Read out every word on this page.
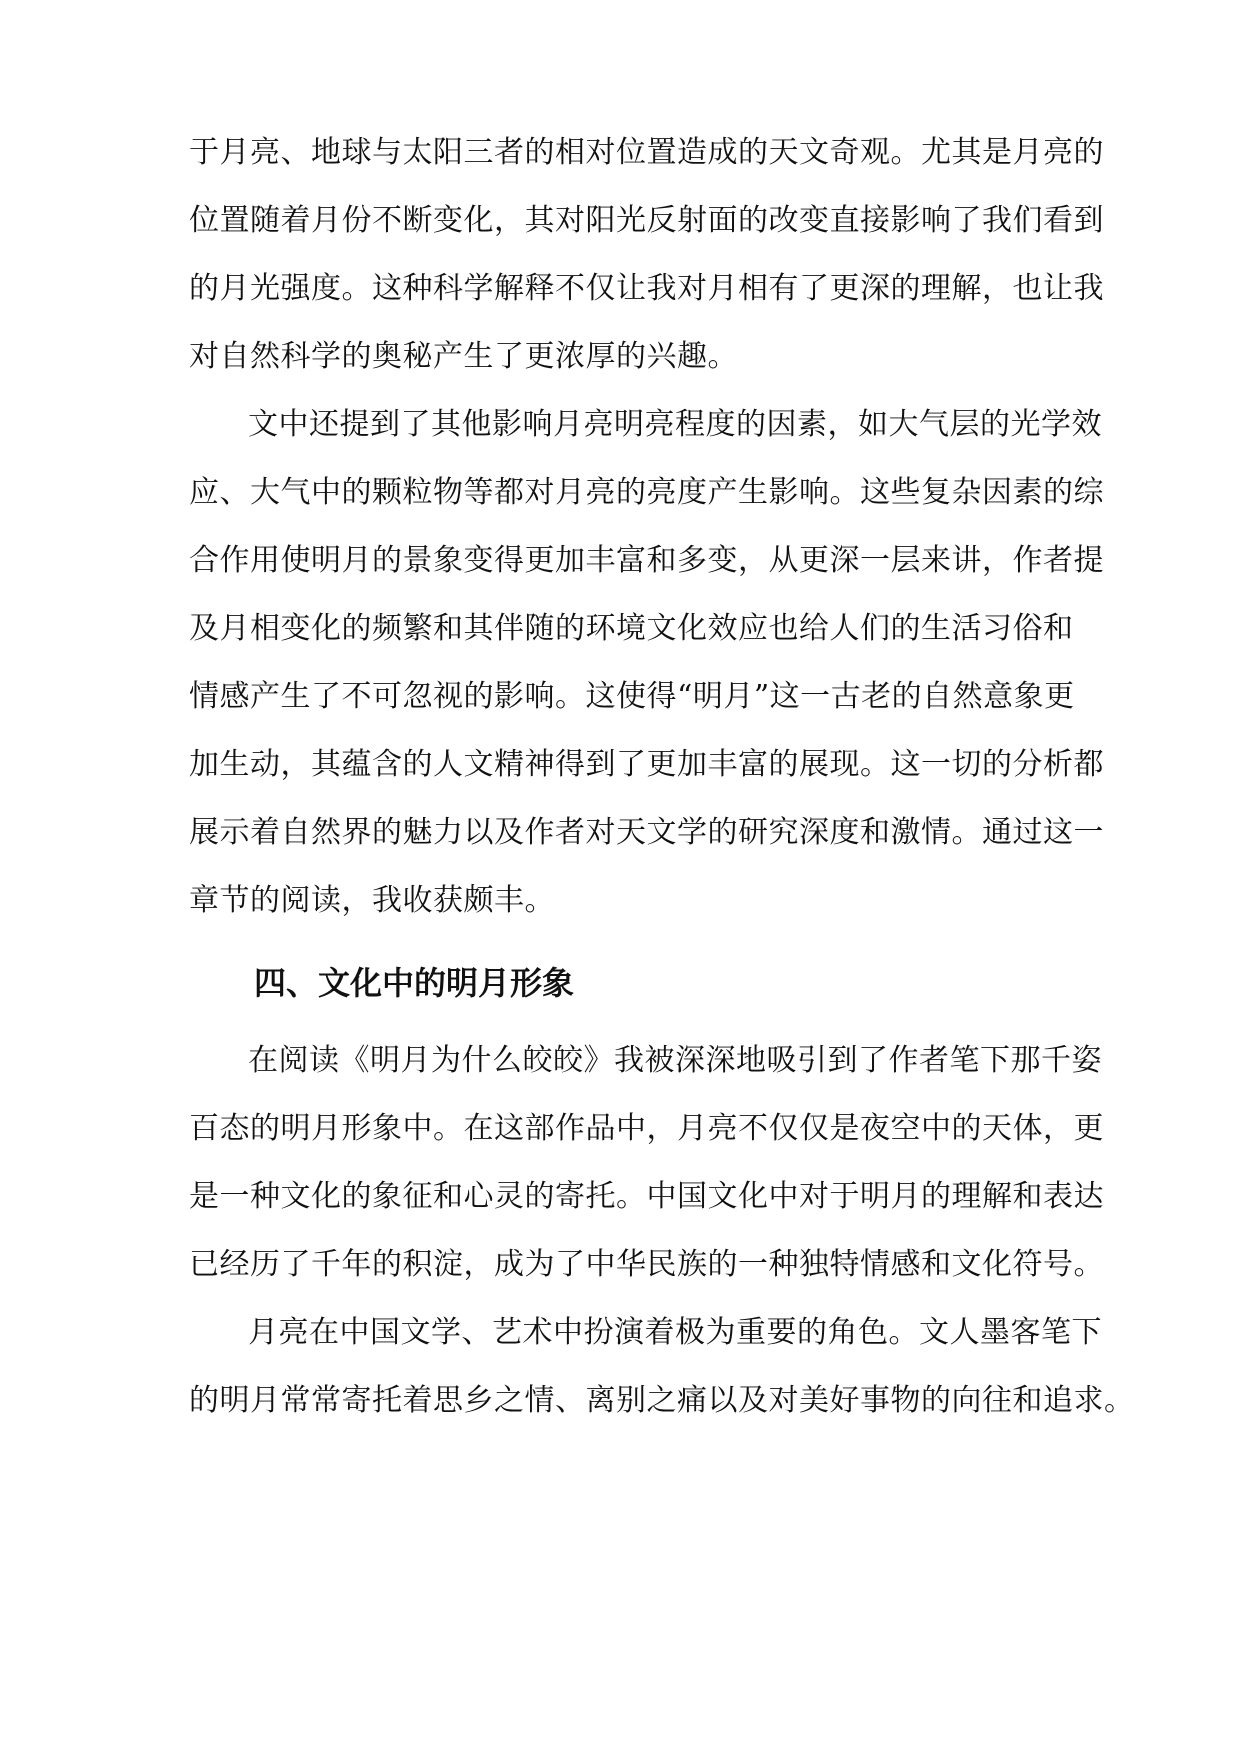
于月亮、地球与太阳三者的相对位置造成的天文奇观。尤其是月亮的
位置随着月份不断变化，其对阳光反射面的改变直接影响了我们看到
的月光强度。这种科学解释不仅让我对月相有了更深的理解，也让我
对自然科学的奥秘产生了更浓厚的兴趣。
文中还提到了其他影响月亮明亮程度的因素，如大气层的光学效
应、大气中的颗粒物等都对月亮的亮度产生影响。这些复杂因素的综
合作用使明月的景象变得更加丰富和多变，从更深一层来讲，作者提
及月相变化的频繁和其伴随的环境文化效应也给人们的生活习俗和
情感产生了不可忽视的影响。这使得“明月”这一古老的自然意象更
加生动，其蕴含的人文精神得到了更加丰富的展现。这一切的分析都
展示着自然界的魅力以及作者对天文学的研究深度和激情。通过这一
章节的阅读，我收获颇丰。
四、文化中的明月形象
在阅读《明月为什么皎皎》我被深深地吸引到了作者笔下那千姿
百态的明月形象中。在这部作品中，月亮不仅仅是夜空中的天体，更
是一种文化的象征和心灵的寄托。中国文化中对于明月的理解和表达
已经历了千年的积淀，成为了中华民族的一种独特情感和文化符号。
月亮在中国文学、艺术中扮演着极为重要的角色。文人墨客笔下
的明月常常寄托着思乡之情、离别之痛以及对美好事物的向往和追求。
